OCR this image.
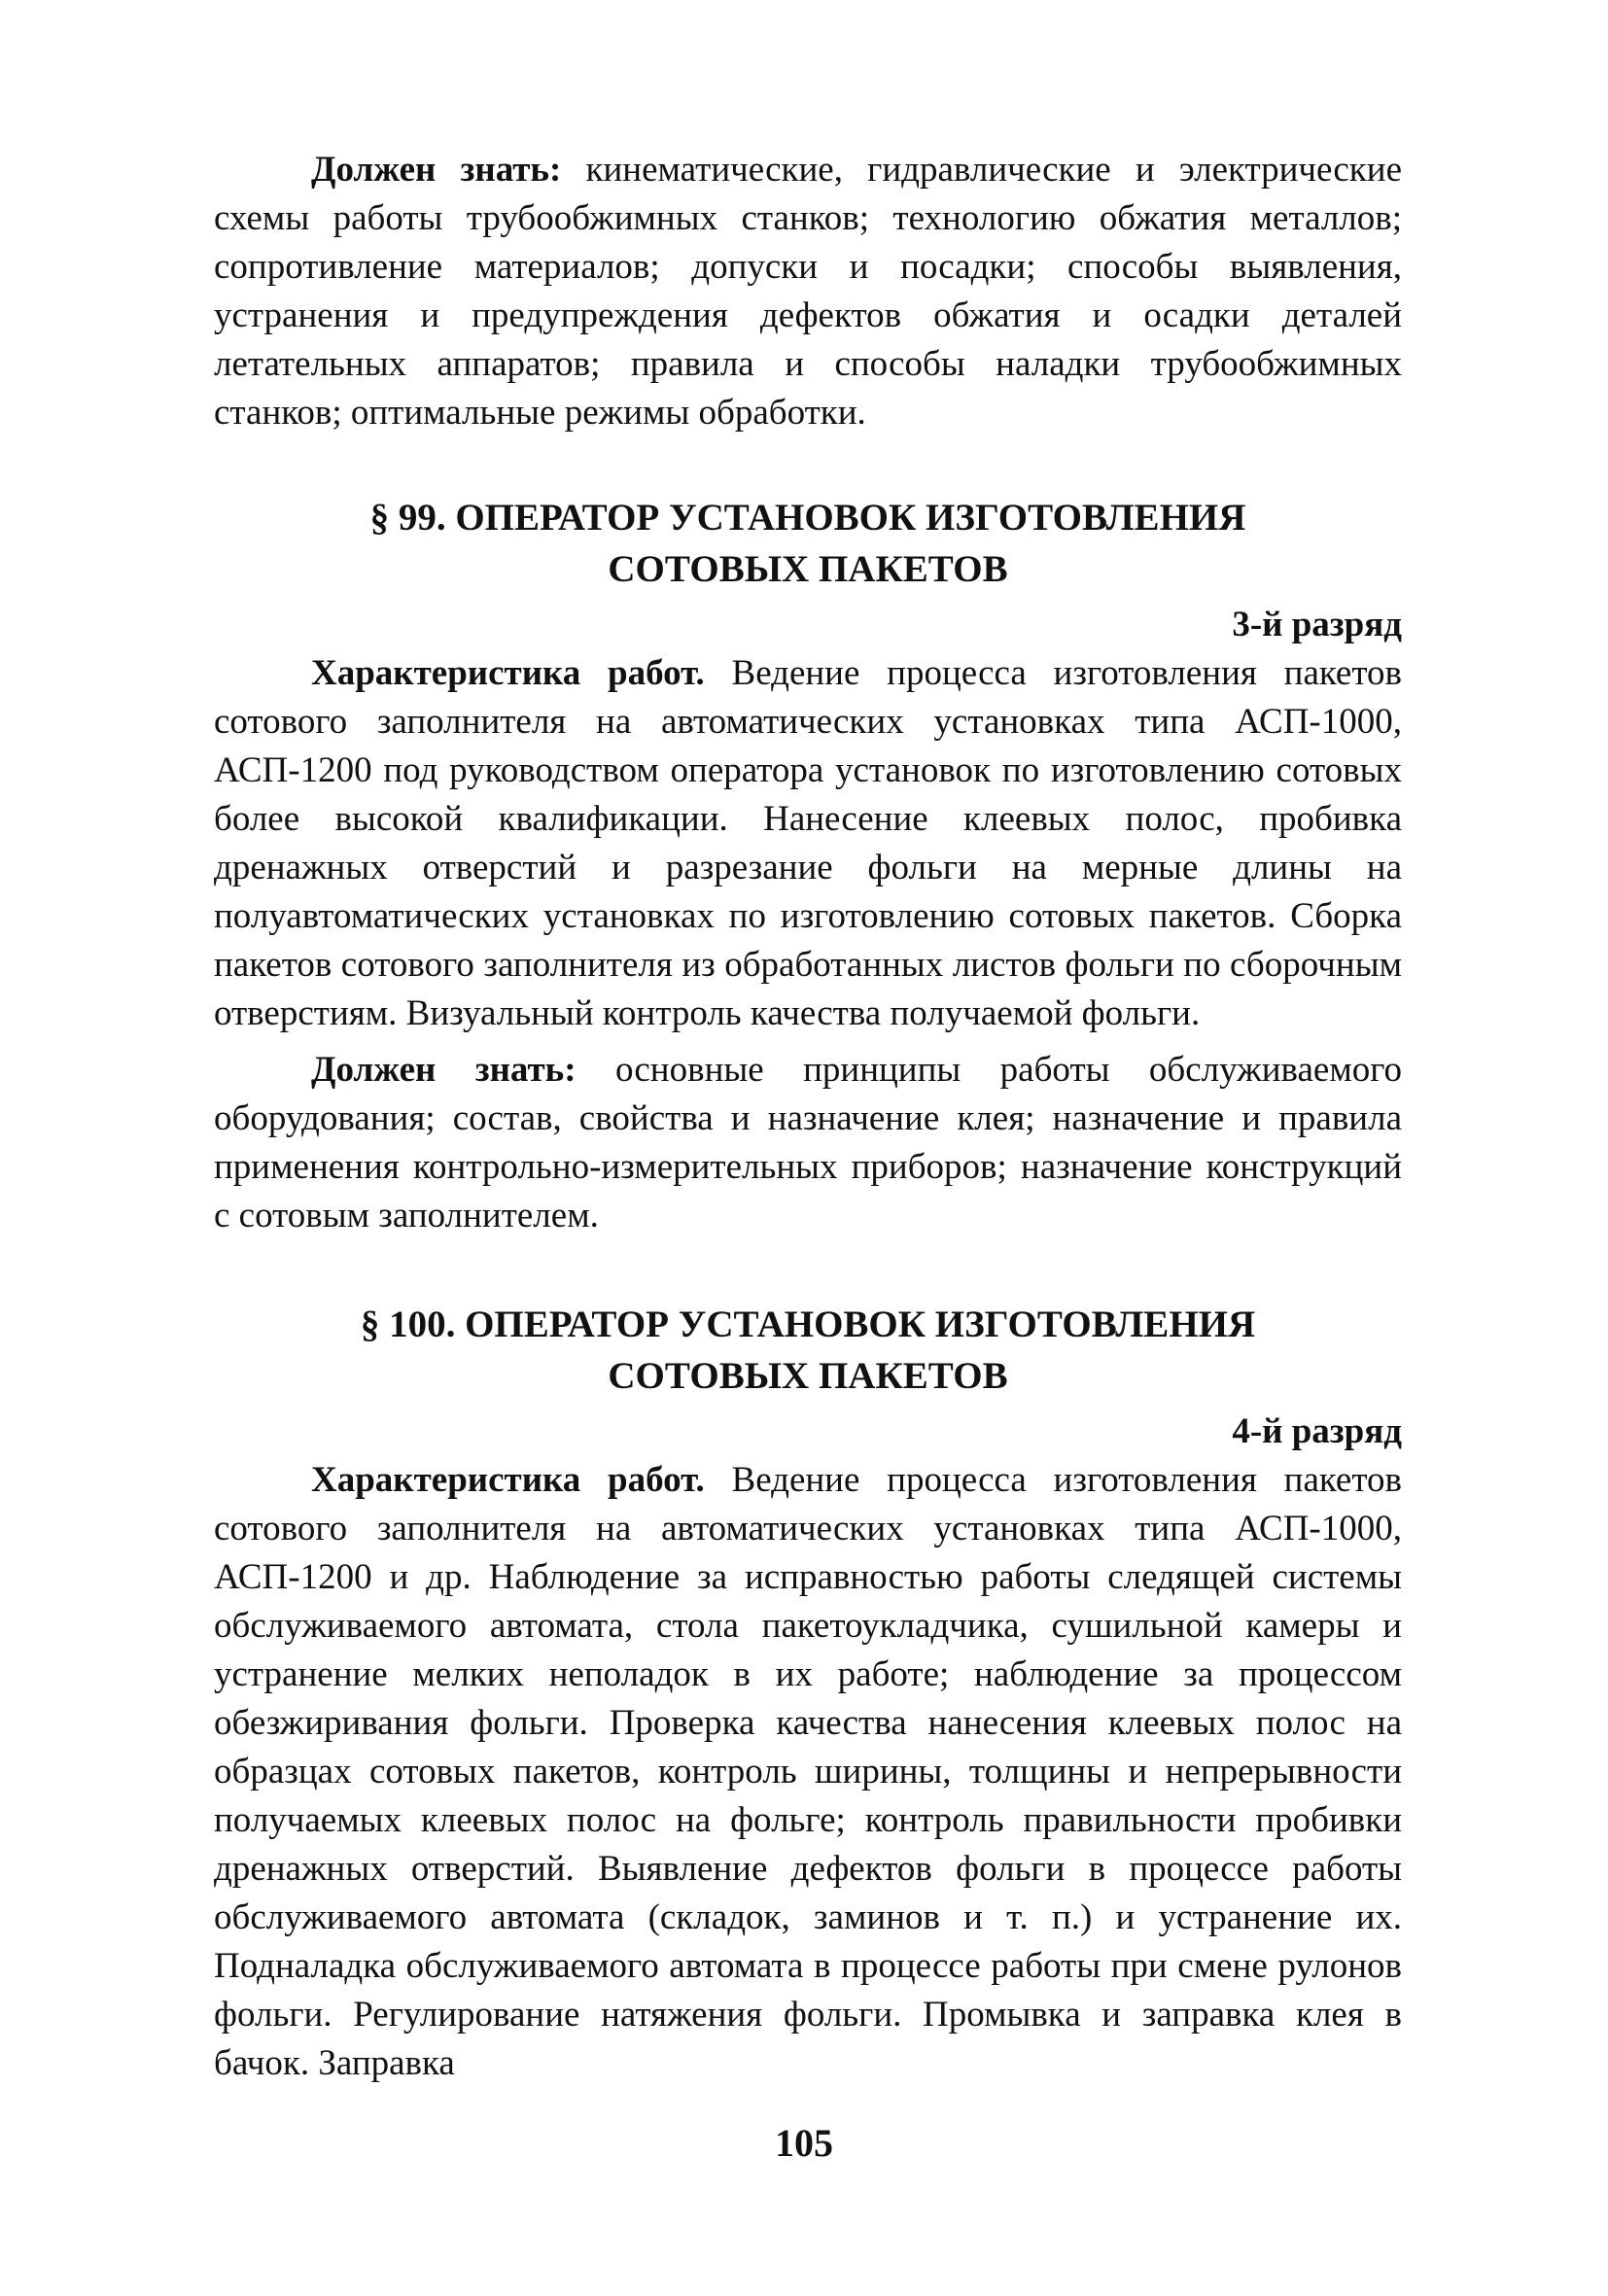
Должен знать: кинематические, гидравлические и электрические схемы работы трубообжимных станков; технологию обжатия металлов; сопротивление материалов; допуски и посадки; способы выявления, устранения и предупреждения дефектов обжатия и осадки деталей летательных аппаратов; правила и способы наладки трубообжимных станков; оптимальные режимы обработки.

§ 99. ОПЕРАТОР УСТАНОВОК ИЗГОТОВЛЕНИЯ
СОТОВЫХ ПАКЕТОВ
3-й разряд

Характеристика работ. Ведение процесса изготовления пакетов сотового заполнителя на автоматических установках типа АСП-1000, АСП-1200 под руководством оператора установок по изготовлению сотовых более высокой квалификации. Нанесение клеевых полос, пробивка дренажных отверстий и разрезание фольги на мерные длины на полуавтоматических установках по изготовлению сотовых пакетов. Сборка пакетов сотового заполнителя из обработанных листов фольги по сборочным отверстиям. Визуальный контроль качества получаемой фольги.

Должен знать: основные принципы работы обслуживаемого оборудования; состав, свойства и назначение клея; назначение и правила применения контрольно-измерительных приборов; назначение конструкций с сотовым заполнителем.

§ 100. ОПЕРАТОР УСТАНОВОК ИЗГОТОВЛЕНИЯ
СОТОВЫХ ПАКЕТОВ
4-й разряд

Характеристика работ. Ведение процесса изготовления пакетов сотового заполнителя на автоматических установках типа АСП-1000, АСП-1200 и др. Наблюдение за исправностью работы следящей системы обслуживаемого автомата, стола пакетоукладчика, сушильной камеры и устранение мелких неполадок в их работе; наблюдение за процессом обезжиривания фольги. Проверка качества нанесения клеевых полос на образцах сотовых пакетов, контроль ширины, толщины и непрерывности получаемых клеевых полос на фольге; контроль правильности пробивки дренажных отверстий. Выявление дефектов фольги в процессе работы обслуживаемого автомата (складок, заминов и т. п.) и устранение их. Подналадка обслуживаемого автомата в процессе работы при смене рулонов фольги. Регулирование натяжения фольги. Промывка и заправка клея в бачок. Заправка

105
